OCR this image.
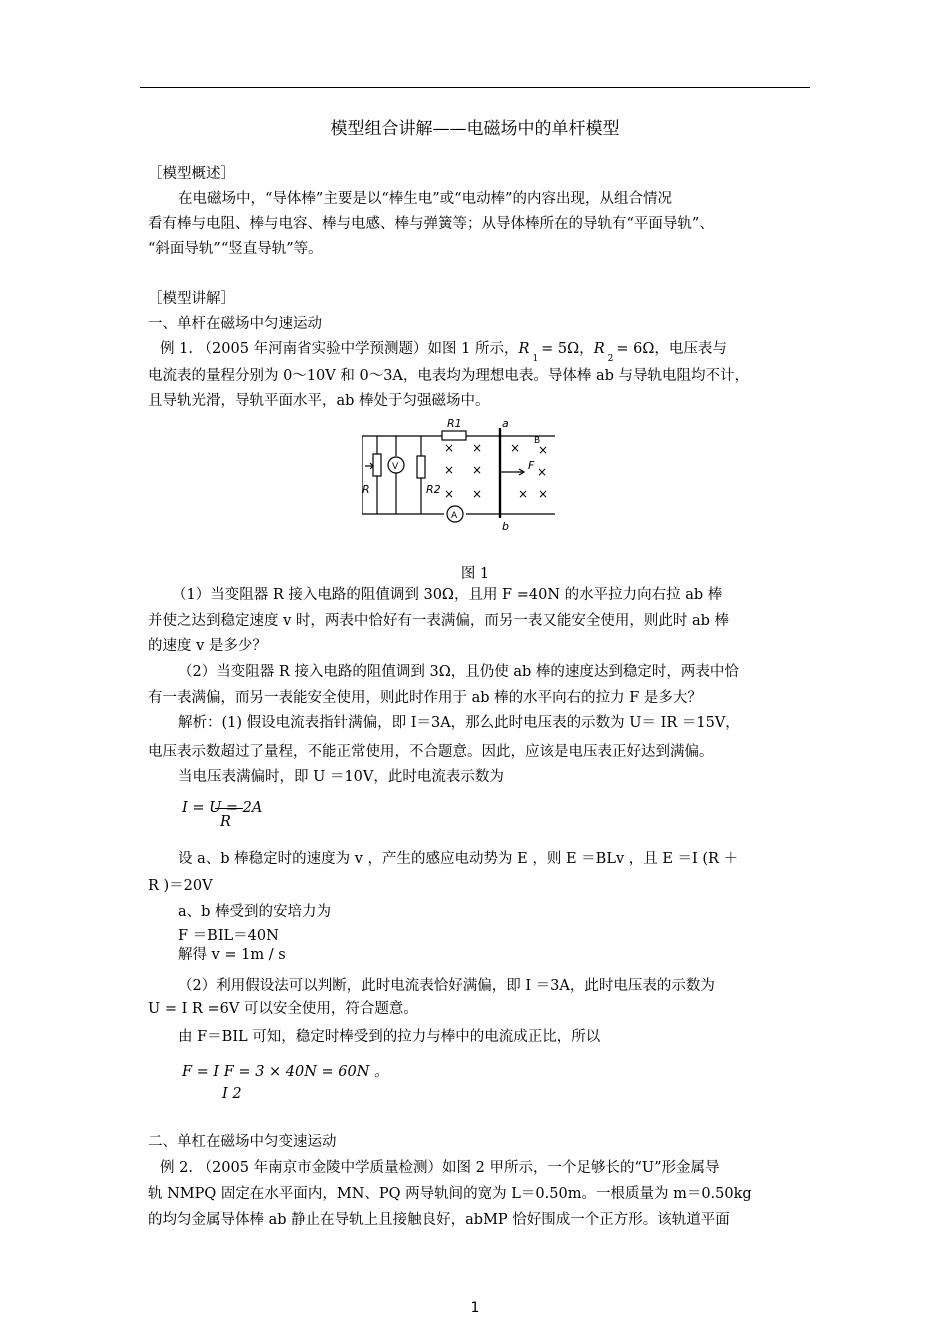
模型组合讲解——电磁场中的单杆模型
［模型概述］
在电磁场中，“导体棒”主要是以“棒生电”或“电动棒”的内容出现，从组合情况
看有棒与电阻、棒与电容、棒与电感、棒与弹簧等；从导体棒所在的导轨有“平面导轨”、
“斜面导轨”“竖直导轨”等。
［模型讲解］
一、单杆在磁场中匀速运动
例 1. （2005 年河南省实验中学预测题）如图 1 所示，$R_1= 5\Omega$，$R_2= 6\Omega$，电压表与
电流表的量程分别为 0～10V 和 0～3A，电表均为理想电表。导体棒 ab 与导轨电阻均不计，
且导轨光滑，导轨平面水平，ab 棒处于匀强磁场中。
R1	a
b
B
F
V
A
R	R2
× × ×
× ×
× ×	× ×
×
×
图 1
（1）当变阻器 R 接入电路的阻值调到 30Ω，且用 F =40N 的水平拉力向右拉 ab 棒
并使之达到稳定速度 v 时，两表中恰好有一表满偏，而另一表又能安全使用，则此时 ab 棒
的速度 v 是多少？
（2）当变阻器 R 接入电路的阻值调到 3Ω，且仍使 ab 棒的速度达到稳定时，两表中恰
有一表满偏，而另一表能安全使用，则此时作用于 ab 棒的水平向右的拉力 F 是多大？
解析：(1) 假设电流表指针满偏，即 I＝3A，那么此时电压表的示数为 U＝ IR ＝15V，
电压表示数超过了量程，不能正常使用，不合题意。因此，应该是电压表正好达到满偏。
当电压表满偏时，即 U ＝10V，此时电流表示数为
I = U = 2A
R
设 a、b 棒稳定时的速度为 v ，产生的感应电动势为 E ，则 E ＝BLv ，且 E ＝I (R ＋
R )＝20V
a、b 棒受到的安培力为
F ＝BIL＝40N
解得 v = 1m / s
（2）利用假设法可以判断，此时电流表恰好满偏，即 I ＝3A，此时电压表的示数为
U = I R =6V 可以安全使用，符合题意。
由 F＝BIL 可知，稳定时棒受到的拉力与棒中的电流成正比，所以
F = I F = 3 × 40N = 60N 。
I 2
二、单杠在磁场中匀变速运动
例 2. （2005 年南京市金陵中学质量检测）如图 2 甲所示，一个足够长的“U”形金属导
轨 NMPQ 固定在水平面内，MN、PQ 两导轨间的宽为 L＝0.50m。一根质量为 m＝0.50kg
的均匀金属导体棒 ab 静止在导轨上且接触良好，abMP 恰好围成一个正方形。该轨道平面
1
